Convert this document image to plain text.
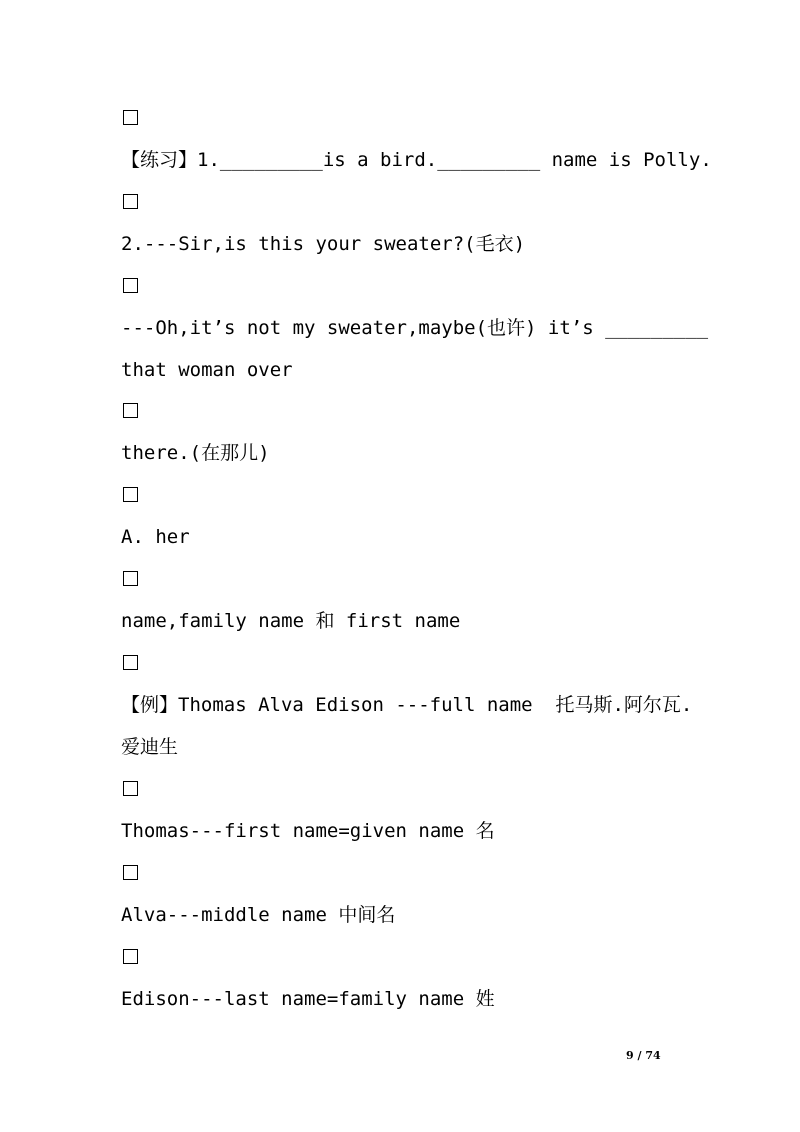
【练习】1._________is a bird._________ name is Polly.
2.---Sir,is this your sweater?(毛衣)
---Oh,it’s not my sweater,maybe(也许) it’s _________
that woman over
there.(在那儿)
A. her
name,family name 和 first name
【例】Thomas Alva Edison ---full name  托马斯.阿尔瓦.
爱迪生
Thomas---first name=given name 名
Alva---middle name 中间名
Edison---last name=family name 姓
9 / 74
